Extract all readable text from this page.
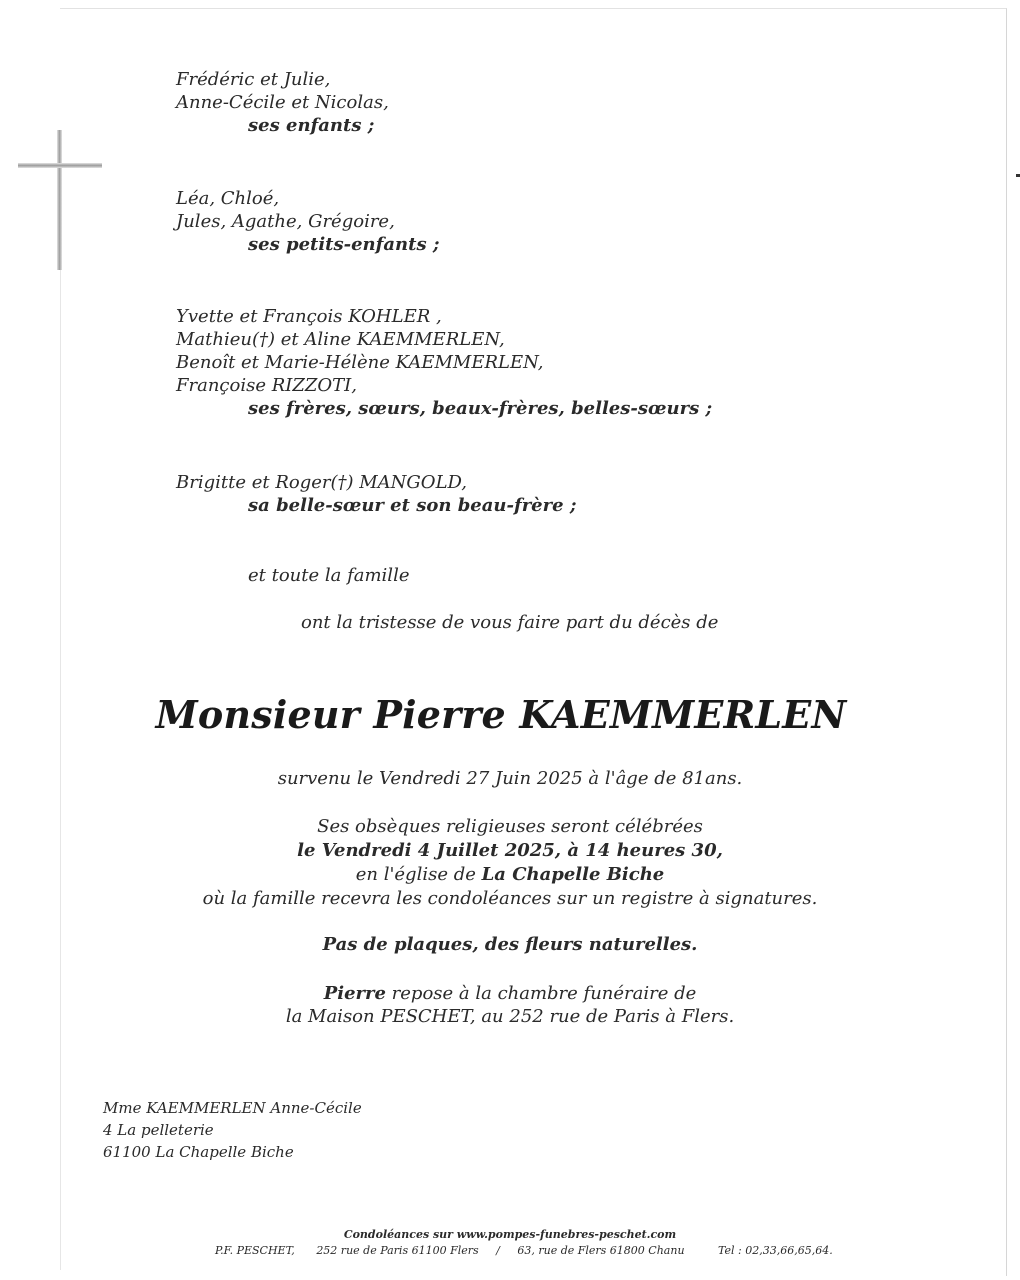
Frédéric et Julie,
Anne-Cécile et Nicolas,
ses enfants ;
Léa, Chloé,
Jules, Agathe, Grégoire,
ses petits-enfants ;
Yvette et François KOHLER ,
Mathieu(†) et Aline KAEMMERLEN,
Benoît et Marie-Hélène KAEMMERLEN,
Françoise RIZZOTI,
ses frères, sœurs, beaux-frères, belles-sœurs ;
Brigitte et Roger(†) MANGOLD,
sa belle-sœur et son beau-frère ;
et toute la famille
ont la tristesse de vous faire part du décès de
Monsieur Pierre KAEMMERLEN
survenu le Vendredi 27 Juin 2025 à l'âge de 81ans.
Ses obsèques religieuses seront célébrées
le Vendredi 4 Juillet 2025, à 14 heures 30,
en l'église de La Chapelle Biche
où la famille recevra les condoléances sur un registre à signatures.
Pas de plaques, des fleurs naturelles.
Pierre repose à la chambre funéraire de
la Maison PESCHET, au 252 rue de Paris à Flers.
Mme KAEMMERLEN Anne-Cécile
4 La pelleterie
61100 La Chapelle Biche
Condoléances sur www.pompes-funebres-peschet.com
P.F. PESCHET, 252 rue de Paris 61100 Flers / 63, rue de Flers 61800 Chanu	Tel : 02,33,66,65,64.
